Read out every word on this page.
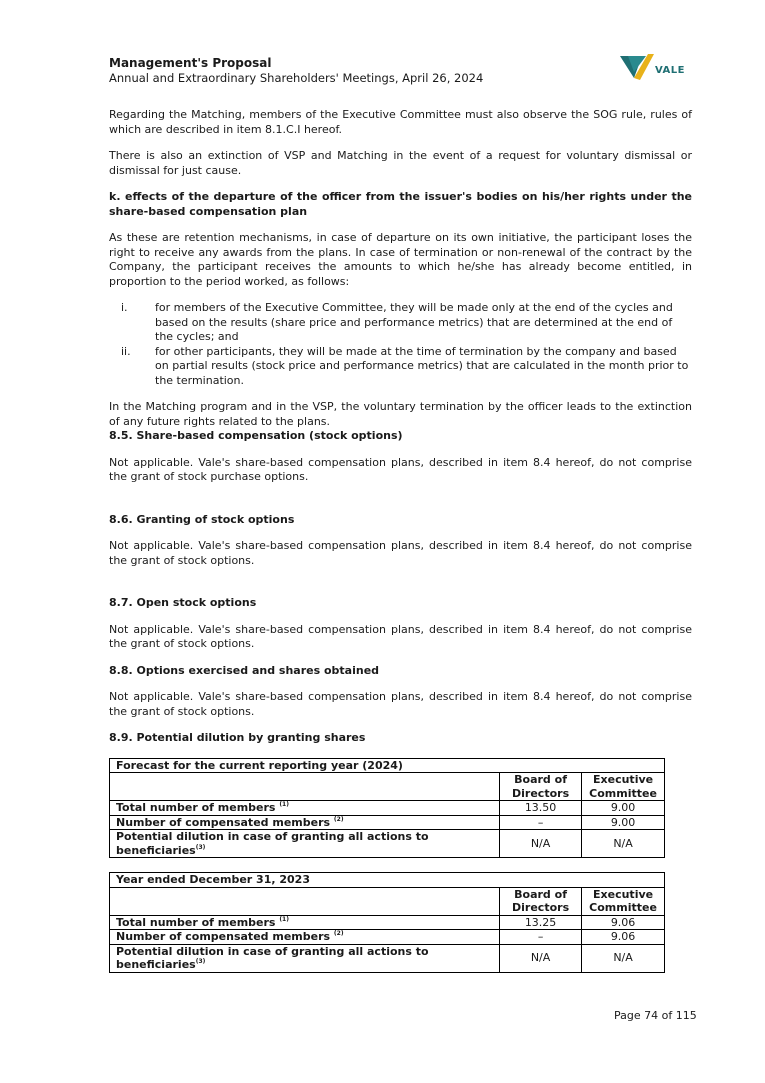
Management's Proposal
Annual and Extraordinary Shareholders' Meetings, April 26, 2024
VALE

Regarding the Matching, members of the Executive Committee must also observe the SOG rule, rules of which are described in item 8.1.C.I hereof.

There is also an extinction of VSP and Matching in the event of a request for voluntary dismissal or dismissal for just cause.

k. effects of the departure of the officer from the issuer's bodies on his/her rights under the share-based compensation plan

As these are retention mechanisms, in case of departure on its own initiative, the participant loses the right to receive any awards from the plans. In case of termination or non-renewal of the contract by the Company, the participant receives the amounts to which he/she has already become entitled, in proportion to the period worked, as follows:

i. for members of the Executive Committee, they will be made only at the end of the cycles and based on the results (share price and performance metrics) that are determined at the end of the cycles; and
ii. for other participants, they will be made at the time of termination by the company and based on partial results (stock price and performance metrics) that are calculated in the month prior to the termination.

In the Matching program and in the VSP, the voluntary termination by the officer leads to the extinction of any future rights related to the plans.

8.5. Share-based compensation (stock options)

Not applicable. Vale's share-based compensation plans, described in item 8.4 hereof, do not comprise the grant of stock purchase options.

8.6. Granting of stock options

Not applicable. Vale's share-based compensation plans, described in item 8.4 hereof, do not comprise the grant of stock options.

8.7. Open stock options

Not applicable. Vale's share-based compensation plans, described in item 8.4 hereof, do not comprise the grant of stock options.

8.8. Options exercised and shares obtained

Not applicable. Vale's share-based compensation plans, described in item 8.4 hereof, do not comprise the grant of stock options.

8.9. Potential dilution by granting shares

Forecast for the current reporting year (2024)		
	Board of Directors	Executive Committee
Total number of members $^{(1)}$	13.50	9.00
Number of compensated members $^{(2)}$	–	9.00
Potential dilution in case of granting all actions to beneficiaries$^{(3)}$	N/A	N/A
Year ended December 31, 2023		
	Board of Directors	Executive Committee
Total number of members $^{(1)}$	13.25	9.06
Number of compensated members $^{(2)}$	–	9.06
Potential dilution in case of granting all actions to beneficiaries$^{(3)}$	N/A	N/A
Page 74 of 115
